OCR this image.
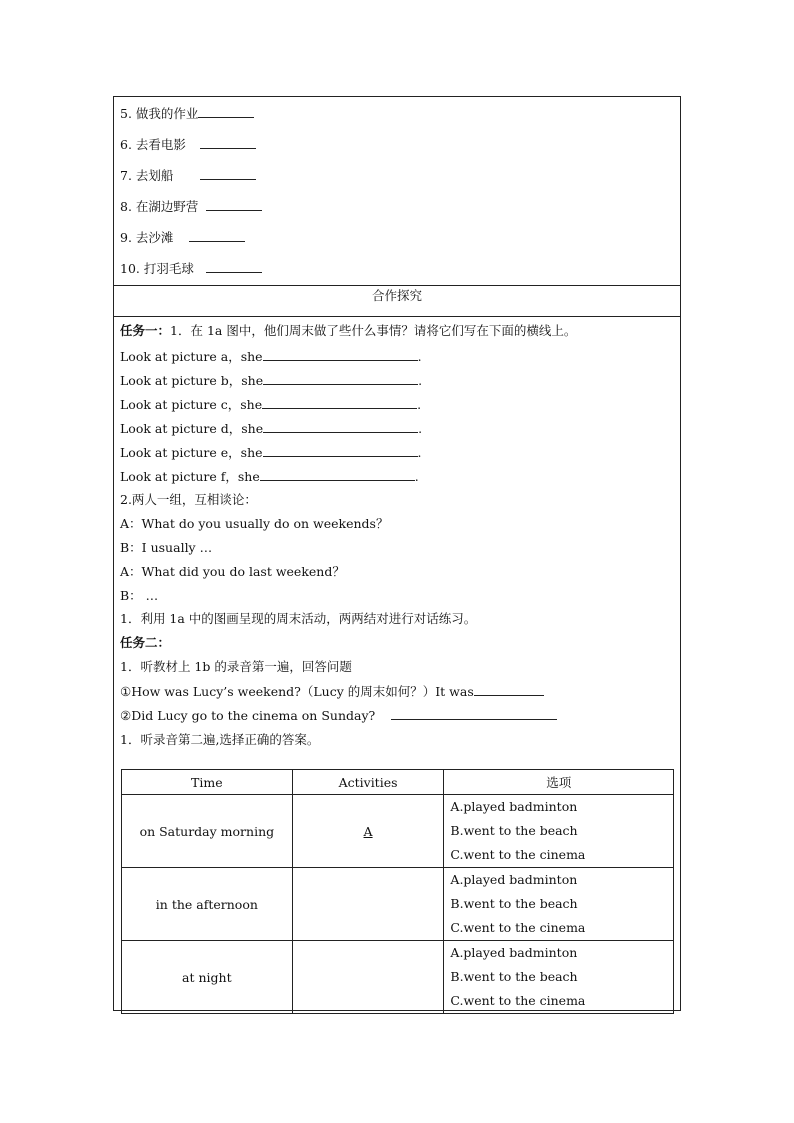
5. 做我的作业
6. 去看电影
7. 去划船
8. 在湖边野营
9. 去沙滩
10. 打羽毛球
合作探究
任务一：1．在 1a 图中，他们周末做了些什么事情？请将它们写在下面的横线上。
Look at picture a，she	.
Look at picture b，she	.
Look at picture c，she	.
Look at picture d，she	.
Look at picture e，she	.
Look at picture f，she	.
2.两人一组，互相谈论：
A：What do you usually do on weekends？
B：I usually …
A：What did you do last weekend？
B： …
1．利用 1a 中的图画呈现的周末活动，两两结对进行对话练习。
任务二：
1．听教材上 1b 的录音第一遍，回答问题
①How was Lucy’s weekend?（Lucy 的周末如何？）It was
②Did Lucy go to the cinema on Sunday?
1．听录音第二遍,选择正确的答案。
Time	Activities	选项
on Saturday morning	A	A.played badminton
B.went to the beach
C.went to the cinema

in the afternoon		A.played badminton
B.went to the beach
C.went to the cinema

at night		A.played badminton
B.went to the beach
C.went to the cinema
